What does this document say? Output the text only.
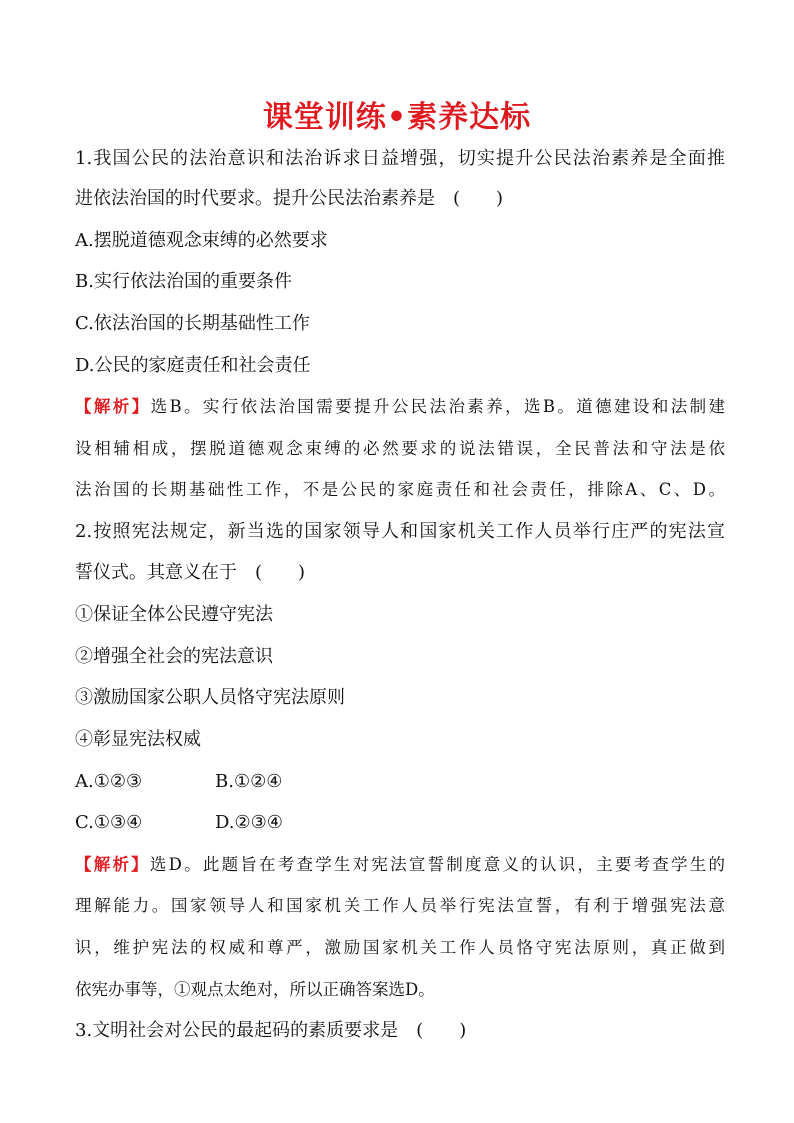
课堂训练•素养达标
1.我国公民的法治意识和法治诉求日益增强，切实提升公民法治素养是全面推
进依法治国的时代要求。提升公民法治素养是　(　　)
A.摆脱道德观念束缚的必然要求
B.实行依法治国的重要条件
C.依法治国的长期基础性工作
D.公民的家庭责任和社会责任
【解析】选B。实行依法治国需要提升公民法治素养，选B。道德建设和法制建
设相辅相成，摆脱道德观念束缚的必然要求的说法错误，全民普法和守法是依
法治国的长期基础性工作，不是公民的家庭责任和社会责任，排除A、C、D。
2.按照宪法规定，新当选的国家领导人和国家机关工作人员举行庄严的宪法宣
誓仪式。其意义在于　(　　)
①保证全体公民遵守宪法
②增强全社会的宪法意识
③激励国家公职人员恪守宪法原则
④彰显宪法权威
A.①②③	B.①②④
C.①③④	D.②③④
【解析】选D。此题旨在考查学生对宪法宣誓制度意义的认识，主要考查学生的
理解能力。国家领导人和国家机关工作人员举行宪法宣誓，有利于增强宪法意
识，维护宪法的权威和尊严，激励国家机关工作人员恪守宪法原则，真正做到
依宪办事等，①观点太绝对，所以正确答案选D。
3.文明社会对公民的最起码的素质要求是　(　　)
